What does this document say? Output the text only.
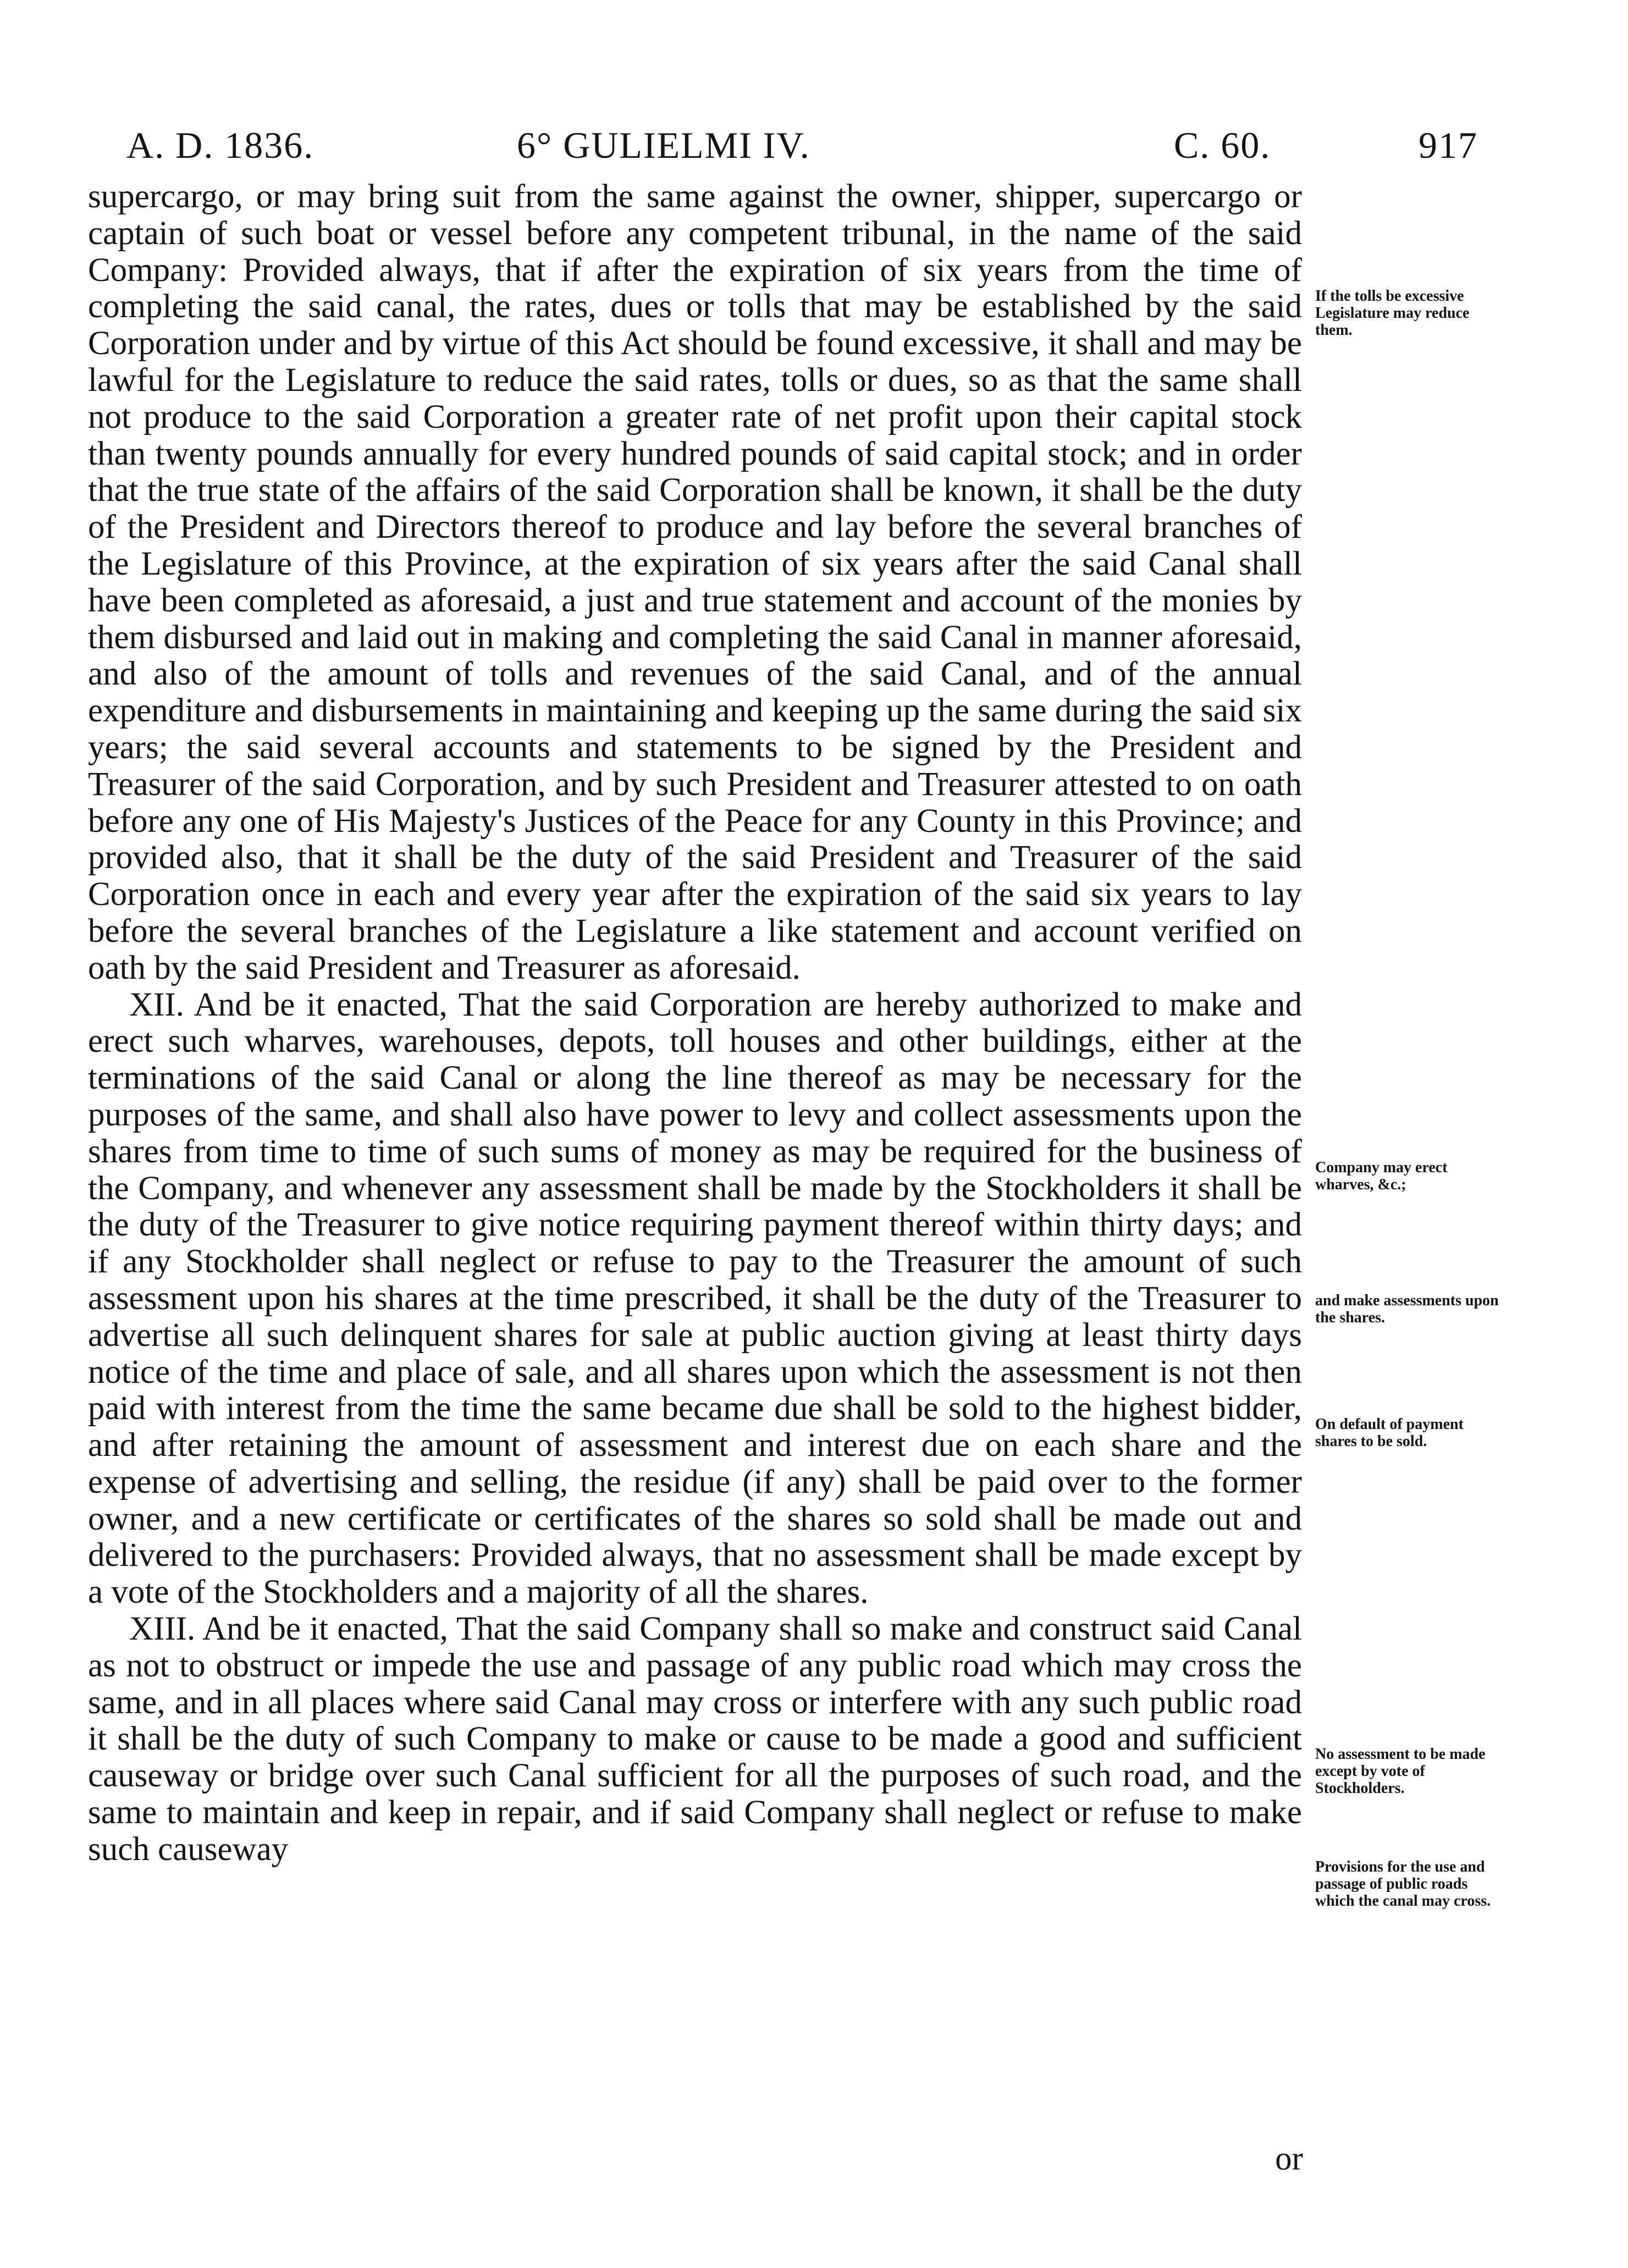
A. D. 1836.	6° GULIELMI IV.	C. 60.	917

supercargo, or may bring suit from the same against the owner, shipper, supercargo or captain of such boat or vessel before any competent tribunal, in the name of the said Company: Provided always, that if after the expiration of six years from the time of completing the said canal, the rates, dues or tolls that may be established by the said Corporation under and by virtue of this Act should be found excessive, it shall and may be lawful for the Legislature to reduce the said rates, tolls or dues, so as that the same shall not produce to the said Corporation a greater rate of net profit upon their capital stock than twenty pounds annually for every hundred pounds of said capital stock; and in order that the true state of the affairs of the said Corporation shall be known, it shall be the duty of the President and Directors thereof to produce and lay before the several branches of the Legislature of this Province, at the expiration of six years after the said Canal shall have been completed as aforesaid, a just and true statement and account of the monies by them disbursed and laid out in making and completing the said Canal in manner aforesaid, and also of the amount of tolls and revenues of the said Canal, and of the annual expenditure and disbursements in maintaining and keeping up the same during the said six years; the said several accounts and statements to be signed by the President and Treasurer of the said Corporation, and by such President and Treasurer attested to on oath before any one of His Majesty's Justices of the Peace for any County in this Province; and provided also, that it shall be the duty of the said President and Treasurer of the said Corporation once in each and every year after the expiration of the said six years to lay before the several branches of the Legislature a like statement and account verified on oath by the said President and Treasurer as aforesaid.

XII. And be it enacted, That the said Corporation are hereby authorized to make and erect such wharves, warehouses, depots, toll houses and other buildings, either at the terminations of the said Canal or along the line thereof as may be necessary for the purposes of the same, and shall also have power to levy and collect assessments upon the shares from time to time of such sums of money as may be required for the business of the Company, and whenever any assessment shall be made by the Stockholders it shall be the duty of the Treasurer to give notice requiring payment thereof within thirty days; and if any Stockholder shall neglect or refuse to pay to the Treasurer the amount of such assessment upon his shares at the time prescribed, it shall be the duty of the Treasurer to advertise all such delinquent shares for sale at public auction giving at least thirty days notice of the time and place of sale, and all shares upon which the assessment is not then paid with interest from the time the same became due shall be sold to the highest bidder, and after retaining the amount of assessment and interest due on each share and the expense of advertising and selling, the residue (if any) shall be paid over to the former owner, and a new certificate or certificates of the shares so sold shall be made out and delivered to the purchasers: Provided always, that no assessment shall be made except by a vote of the Stockholders and a majority of all the shares.

XIII. And be it enacted, That the said Company shall so make and construct said Canal as not to obstruct or impede the use and passage of any public road which may cross the same, and in all places where said Canal may cross or interfere with any such public road it shall be the duty of such Company to make or cause to be made a good and sufficient causeway or bridge over such Canal sufficient for all the purposes of such road, and the same to maintain and keep in repair, and if said Company shall neglect or refuse to make such causeway

or
If the tolls be excessive Legislature may reduce them.
Company may erect wharves, &c.;
and make assessments upon the shares.
On default of payment shares to be sold.
No assessment to be made except by vote of Stockholders.
Provisions for the use and passage of public roads which the canal may cross.
